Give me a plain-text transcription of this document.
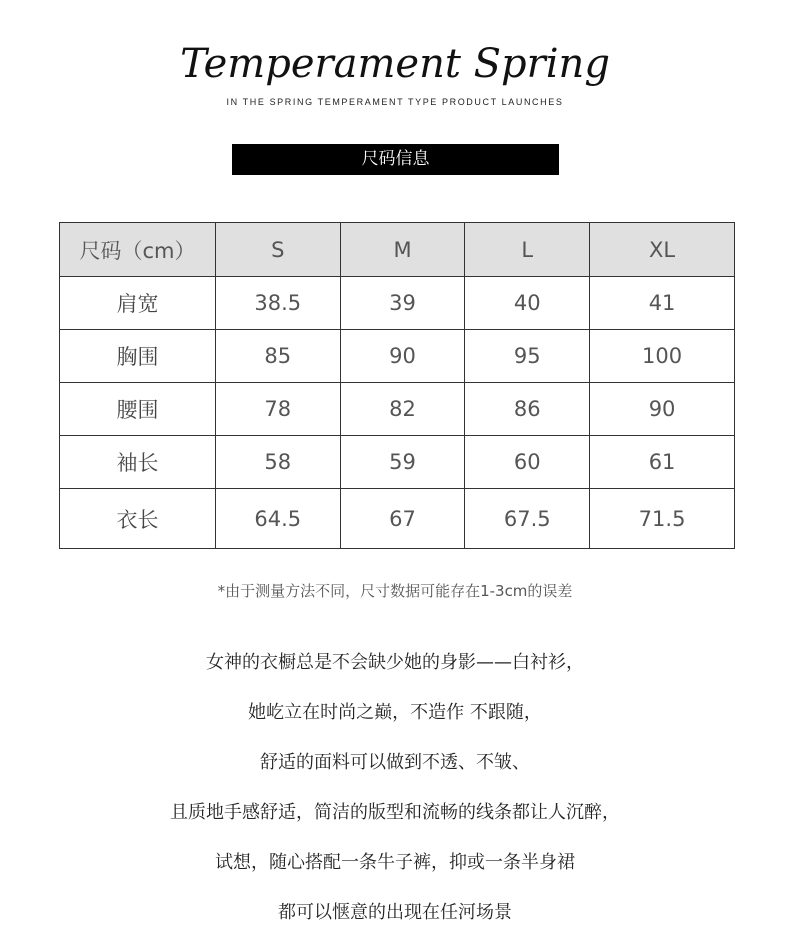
Temperament Spring
IN THE SPRING TEMPERAMENT TYPE PRODUCT LAUNCHES
尺码信息
尺码（cm）	S	M	L	XL
肩宽	38.5	39	40	41
胸围	85	90	95	100
腰围	78	82	86	90
袖长	58	59	60	61
衣长	64.5	67	67.5	71.5
*由于测量方法不同，尺寸数据可能存在1-3cm的误差
女神的衣橱总是不会缺少她的身影——白衬衫，
她屹立在时尚之巅，不造作 不跟随，
舒适的面料可以做到不透、不皱、
且质地手感舒适，简洁的版型和流畅的线条都让人沉醉，
试想，随心搭配一条牛子裤，抑或一条半身裙
都可以惬意的出现在任河场景
